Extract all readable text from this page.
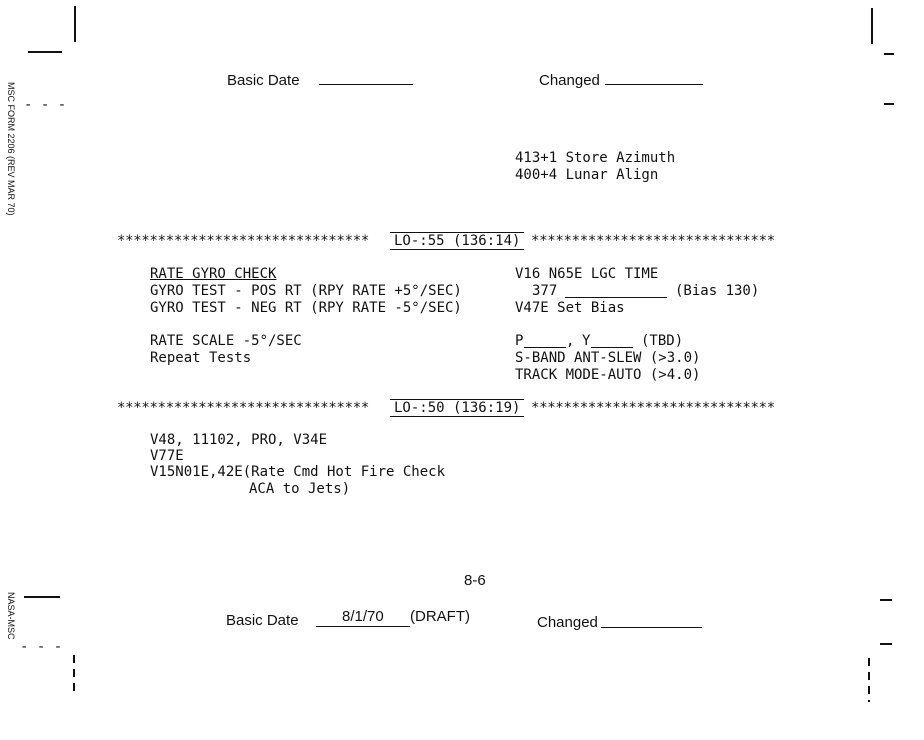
MSC FORM 2206 (REV MAR 70)
NASA-MSC
- - -
- - -
Basic Date	Changed
413+1 Store Azimuth
400+4 Lunar Align
******************************* LO-:55 (136:14) ******************************
RATE GYRO CHECK
GYRO TEST - POS RT (RPY RATE +5°/SEC)
GYRO TEST - NEG RT (RPY RATE -5°/SEC)
RATE SCALE -5°/SEC
Repeat Tests
V16 N65E LGC TIME
377	(Bias 130)
V47E Set Bias
P	, Y	(TBD)
S-BAND ANT-SLEW (>3.0)
TRACK MODE-AUTO (>4.0)
******************************* LO-:50 (136:19) ******************************
V48, 11102, PRO, V34E
V77E
V15N01E,42E(Rate Cmd Hot Fire Check
ACA to Jets)
8-6
Basic Date	8/1/70 (DRAFT)	Changed
